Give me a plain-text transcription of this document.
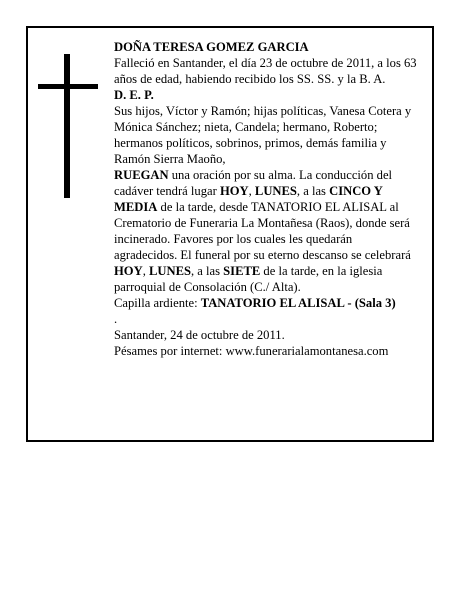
DOÑA TERESA GOMEZ GARCIA

Falleció en Santander, el día 23 de octubre de 2011, a los 63 años de edad, habiendo recibido los SS. SS. y la B. A.

D. E. P.

Sus hijos, Víctor y Ramón; hijas políticas, Vanesa Cotera y Mónica Sánchez; nieta, Candela; hermano, Roberto; hermanos políticos, sobrinos, primos, demás familia y Ramón Sierra Maoño,

RUEGAN una oración por su alma. La conducción del cadáver tendrá lugar HOY, LUNES, a las CINCO Y MEDIA de la tarde, desde TANATORIO EL ALISAL al Crematorio de Funeraria La Montañesa (Raos), donde será incinerado. Favores por los cuales les quedarán agradecidos. El funeral por su eterno descanso se celebrará HOY, LUNES, a las SIETE de la tarde, en la iglesia parroquial de Consolación (C./ Alta).

Capilla ardiente: TANATORIO EL ALISAL - (Sala 3)

.

Santander, 24 de octubre de 2011.

Pésames por internet: www.funerarialamontanesa.com
